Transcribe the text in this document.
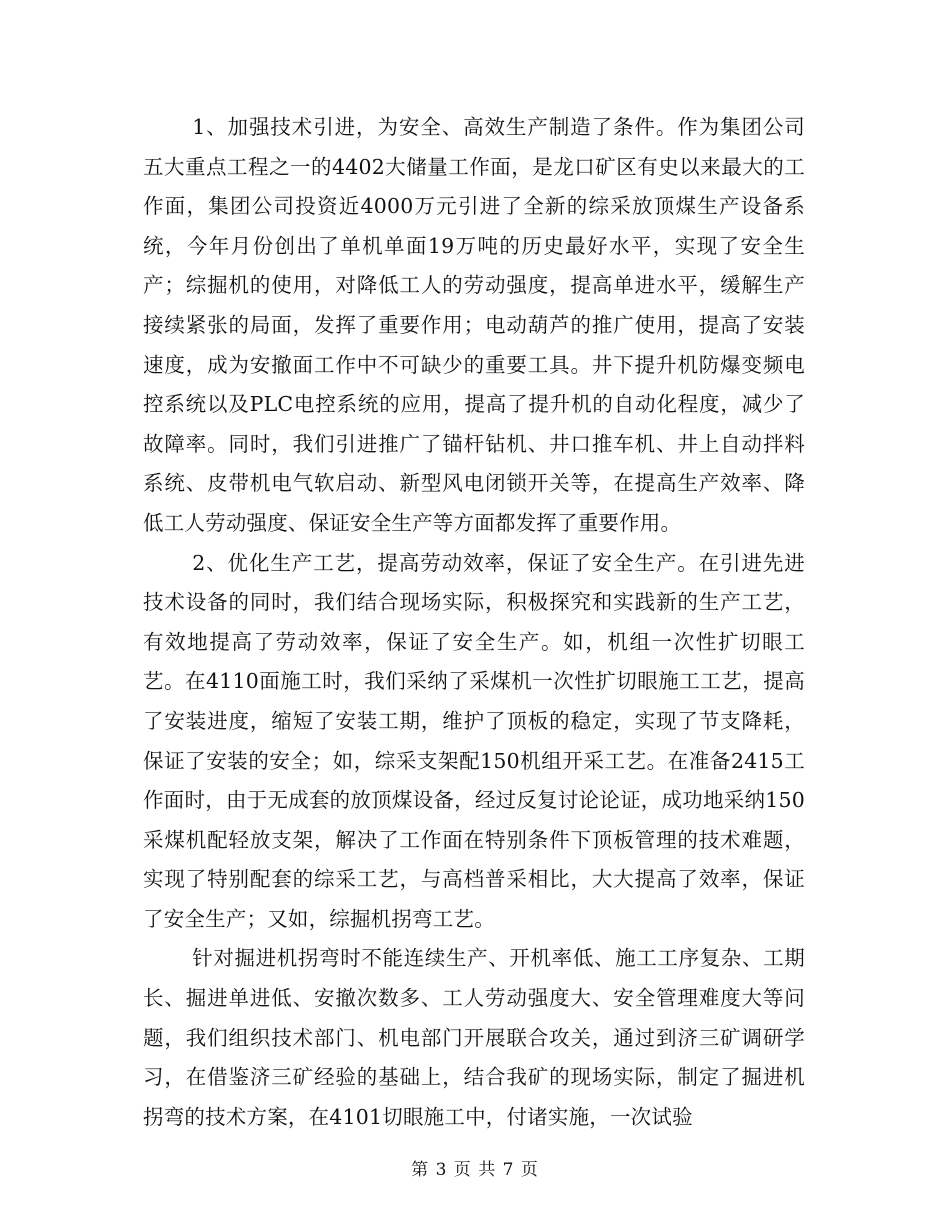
1、加强技术引进，为安全、高效生产制造了条件。作为集团公司五大重点工程之一的4402大储量工作面，是龙口矿区有史以来最大的工作面，集团公司投资近4000万元引进了全新的综采放顶煤生产设备系统，今年月份创出了单机单面19万吨的历史最好水平，实现了安全生产；综掘机的使用，对降低工人的劳动强度，提高单进水平，缓解生产接续紧张的局面，发挥了重要作用；电动葫芦的推广使用，提高了安装速度，成为安撤面工作中不可缺少的重要工具。井下提升机防爆变频电控系统以及PLC电控系统的应用，提高了提升机的自动化程度，减少了故障率。同时，我们引进推广了锚杆钻机、井口推车机、井上自动拌料系统、皮带机电气软启动、新型风电闭锁开关等，在提高生产效率、降低工人劳动强度、保证安全生产等方面都发挥了重要作用。

2、优化生产工艺，提高劳动效率，保证了安全生产。在引进先进技术设备的同时，我们结合现场实际，积极探究和实践新的生产工艺，有效地提高了劳动效率，保证了安全生产。如，机组一次性扩切眼工艺。在4110面施工时，我们采纳了采煤机一次性扩切眼施工工艺，提高了安装进度，缩短了安装工期，维护了顶板的稳定，实现了节支降耗，保证了安装的安全；如，综采支架配150机组开采工艺。在准备2415工作面时，由于无成套的放顶煤设备，经过反复讨论论证，成功地采纳150采煤机配轻放支架，解决了工作面在特别条件下顶板管理的技术难题，实现了特别配套的综采工艺，与高档普采相比，大大提高了效率，保证了安全生产；又如，综掘机拐弯工艺。

针对掘进机拐弯时不能连续生产、开机率低、施工工序复杂、工期长、掘进单进低、安撤次数多、工人劳动强度大、安全管理难度大等问题，我们组织技术部门、机电部门开展联合攻关，通过到济三矿调研学习，在借鉴济三矿经验的基础上，结合我矿的现场实际，制定了掘进机拐弯的技术方案，在4101切眼施工中，付诸实施，一次试验

第 3 页 共 7 页
